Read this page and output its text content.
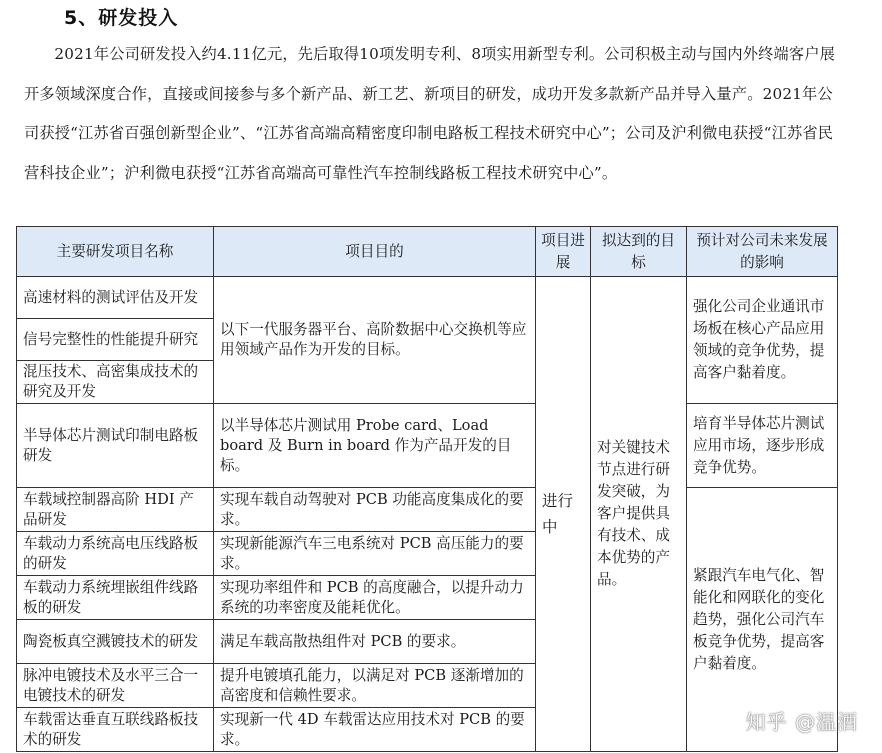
5、研发投入
2021年公司研发投入约4.11亿元，先后取得10项发明专利、8项实用新型专利。公司积极主动与国内外终端客户展开多领域深度合作，直接或间接参与多个新产品、新工艺、新项目的研发，成功开发多款新产品并导入量产。2021年公司获授“江苏省百强创新型企业”、“江苏省高端高精密度印制电路板工程技术研究中心”；公司及沪利微电获授“江苏省民营科技企业”；沪利微电获授“江苏省高端高可靠性汽车控制线路板工程技术研究中心”。
主要研发项目名称	项目目的	项目进展	拟达到的目标	预计对公司未来发展的影响
高速材料的测试评估及开发	以下一代服务器平台、高阶数据中心交换机等应用领域产品作为开发的目标。	进行中	对关键技术节点进行研发突破，为客户提供具有技术、成本优势的产品。	强化公司企业通讯市场板在核心产品应用领域的竞争优势，提高客户黏着度。
信号完整性的性能提升研究				
混压技术、高密集成技术的研究及开发				
半导体芯片测试印制电路板研发	以半导体芯片测试用 Probe card、Load board 及 Burn in board 作为产品开发的目标。			培育半导体芯片测试应用市场，逐步形成竞争优势。
车载域控制器高阶 HDI 产品研发	实现车载自动驾驶对 PCB 功能高度集成化的要求。			紧跟汽车电气化、智能化和网联化的变化趋势，强化公司汽车板竞争优势，提高客户黏着度。
车载动力系统高电压线路板的研发	实现新能源汽车三电系统对 PCB 高压能力的要求。			
车载动力系统埋嵌组件线路板的研发	实现功率组件和 PCB 的高度融合，以提升动力系统的功率密度及能耗优化。			
陶瓷板真空溅镀技术的研发	满足车载高散热组件对 PCB 的要求。			
脉冲电镀技术及水平三合一电镀技术的研发	提升电镀填孔能力，以满足对 PCB 逐渐增加的高密度和信赖性要求。			
车载雷达垂直互联线路板技术的研发	实现新一代 4D 车载雷达应用技术对 PCB 的要求。			
知乎 @温酒
